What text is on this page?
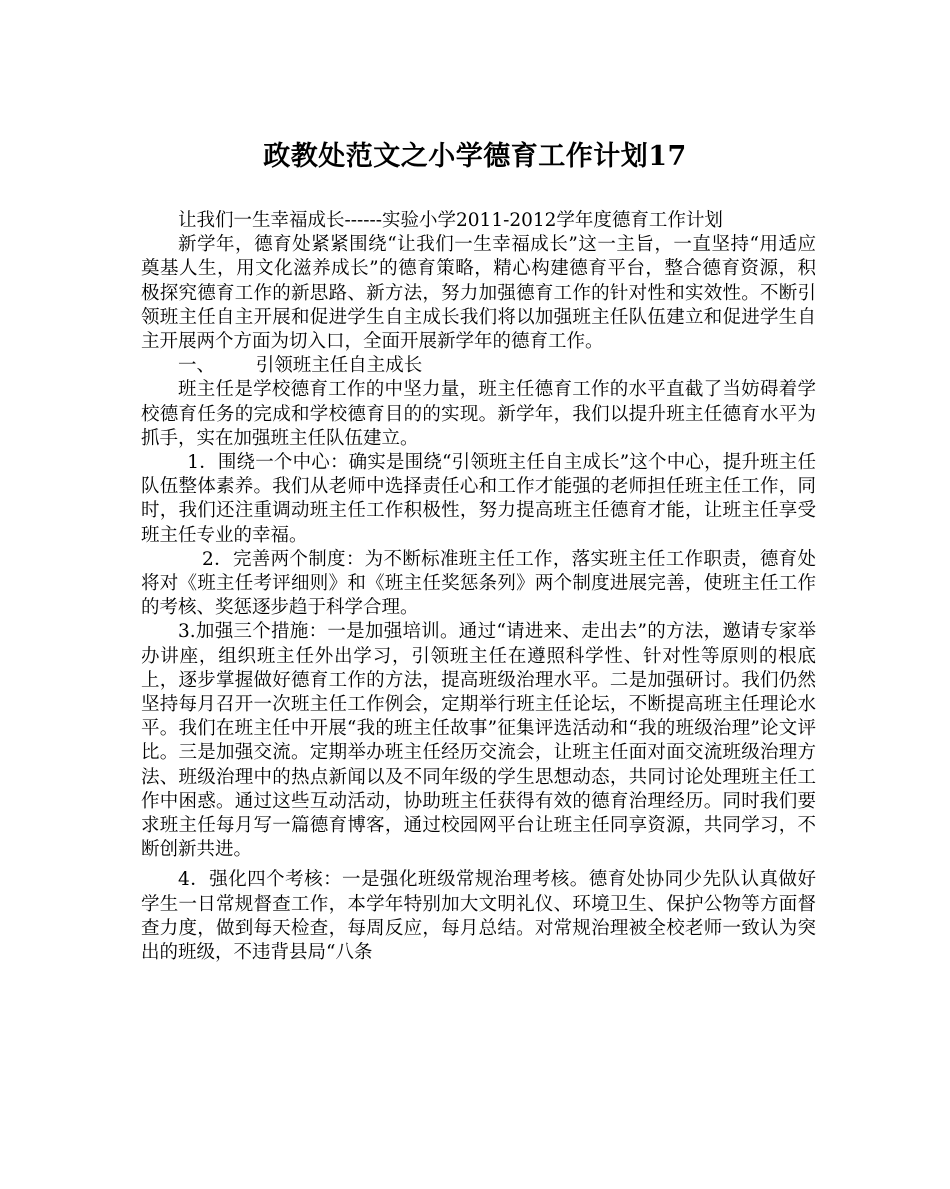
政教处范文之小学德育工作计划17

让我们一生幸福成长------实验小学2011-2012学年度德育工作计划

新学年，德育处紧紧围绕“让我们一生幸福成长”这一主旨，一直坚持“用适应奠基人生，用文化滋养成长”的德育策略，精心构建德育平台，整合德育资源，积极探究德育工作的新思路、新方法，努力加强德育工作的针对性和实效性。不断引领班主任自主开展和促进学生自主成长我们将以加强班主任队伍建立和促进学生自主开展两个方面为切入口，全面开展新学年的德育工作。

一、 引领班主任自主成长

班主任是学校德育工作的中坚力量，班主任德育工作的水平直截了当妨碍着学校德育任务的完成和学校德育目的的实现。新学年，我们以提升班主任德育水平为抓手，实在加强班主任队伍建立。

1．围绕一个中心：确实是围绕“引领班主任自主成长”这个中心，提升班主任队伍整体素养。我们从老师中选择责任心和工作才能强的老师担任班主任工作，同时，我们还注重调动班主任工作积极性，努力提高班主任德育才能，让班主任享受班主任专业的幸福。

2．完善两个制度：为不断标准班主任工作，落实班主任工作职责，德育处将对《班主任考评细则》和《班主任奖惩条列》两个制度进展完善，使班主任工作的考核、奖惩逐步趋于科学合理。

3.加强三个措施：一是加强培训。通过“请进来、走出去”的方法，邀请专家举办讲座，组织班主任外出学习，引领班主任在遵照科学性、针对性等原则的根底上，逐步掌握做好德育工作的方法，提高班级治理水平。二是加强研讨。我们仍然坚持每月召开一次班主任工作例会，定期举行班主任论坛，不断提高班主任理论水平。我们在班主任中开展“我的班主任故事”征集评选活动和“我的班级治理”论文评比。三是加强交流。定期举办班主任经历交流会，让班主任面对面交流班级治理方法、班级治理中的热点新闻以及不同年级的学生思想动态，共同讨论处理班主任工作中困惑。通过这些互动活动，协助班主任获得有效的德育治理经历。同时我们要求班主任每月写一篇德育博客，通过校园网平台让班主任同享资源，共同学习，不断创新共进。

4．强化四个考核：一是强化班级常规治理考核。德育处协同少先队认真做好学生一日常规督查工作，本学年特别加大文明礼仪、环境卫生、保护公物等方面督查力度，做到每天检查，每周反应，每月总结。对常规治理被全校老师一致认为突出的班级，不违背县局“八条
